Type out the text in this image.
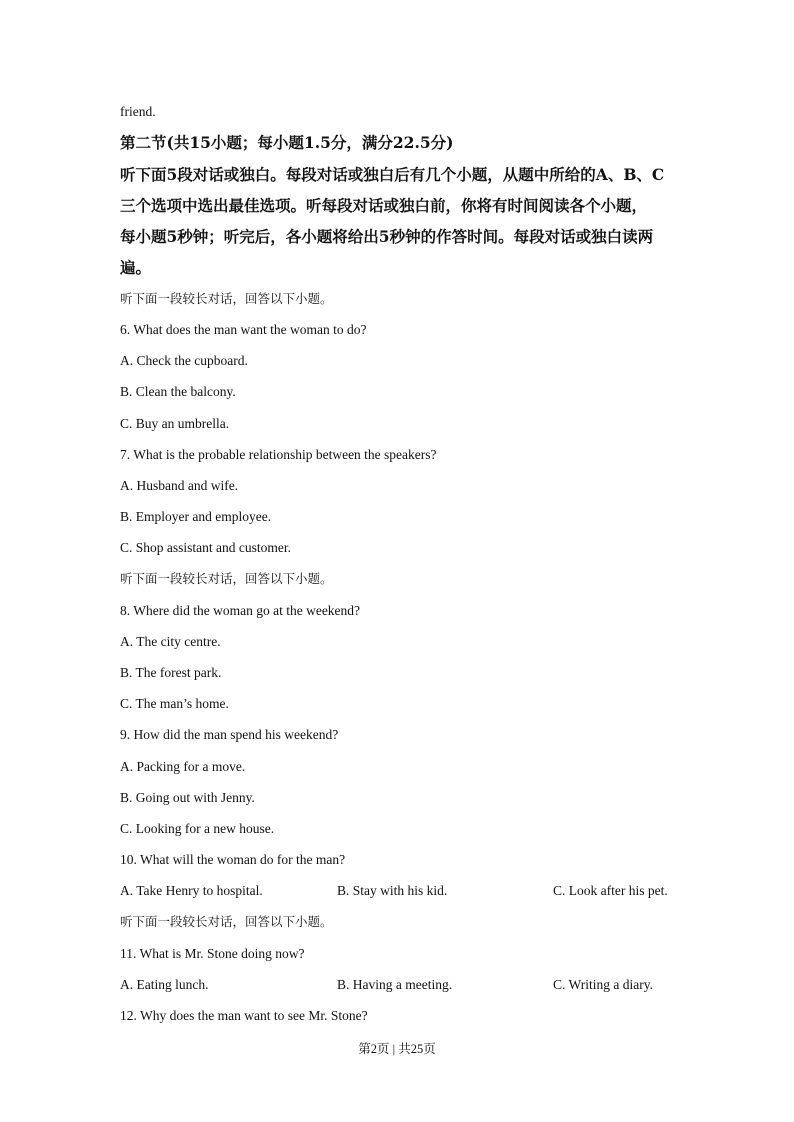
friend.
第二节(共15小题；每小题1.5分，满分22.5分)
听下面5段对话或独白。每段对话或独白后有几个小题，从题中所给的A、B、C
三个选项中选出最佳选项。听每段对话或独白前，你将有时间阅读各个小题，
每小题5秒钟；听完后，各小题将给出5秒钟的作答时间。每段对话或独白读两
遍。
听下面一段较长对话，回答以下小题。
6. What does the man want the woman to do?
A. Check the cupboard.
B. Clean the balcony.
C. Buy an umbrella.
7. What is the probable relationship between the speakers?
A. Husband and wife.
B. Employer and employee.
C. Shop assistant and customer.
听下面一段较长对话，回答以下小题。
8. Where did the woman go at the weekend?
A. The city centre.
B. The forest park.
C. The man’s home.
9. How did the man spend his weekend?
A. Packing for a move.
B. Going out with Jenny.
C. Looking for a new house.
10. What will the woman do for the man?
A. Take Henry to hospital.	B. Stay with his kid.	C. Look after his pet.
听下面一段较长对话，回答以下小题。
11. What is Mr. Stone doing now?
A. Eating lunch.	B. Having a meeting.	C. Writing a diary.
12. Why does the man want to see Mr. Stone?
第2页 | 共25页
